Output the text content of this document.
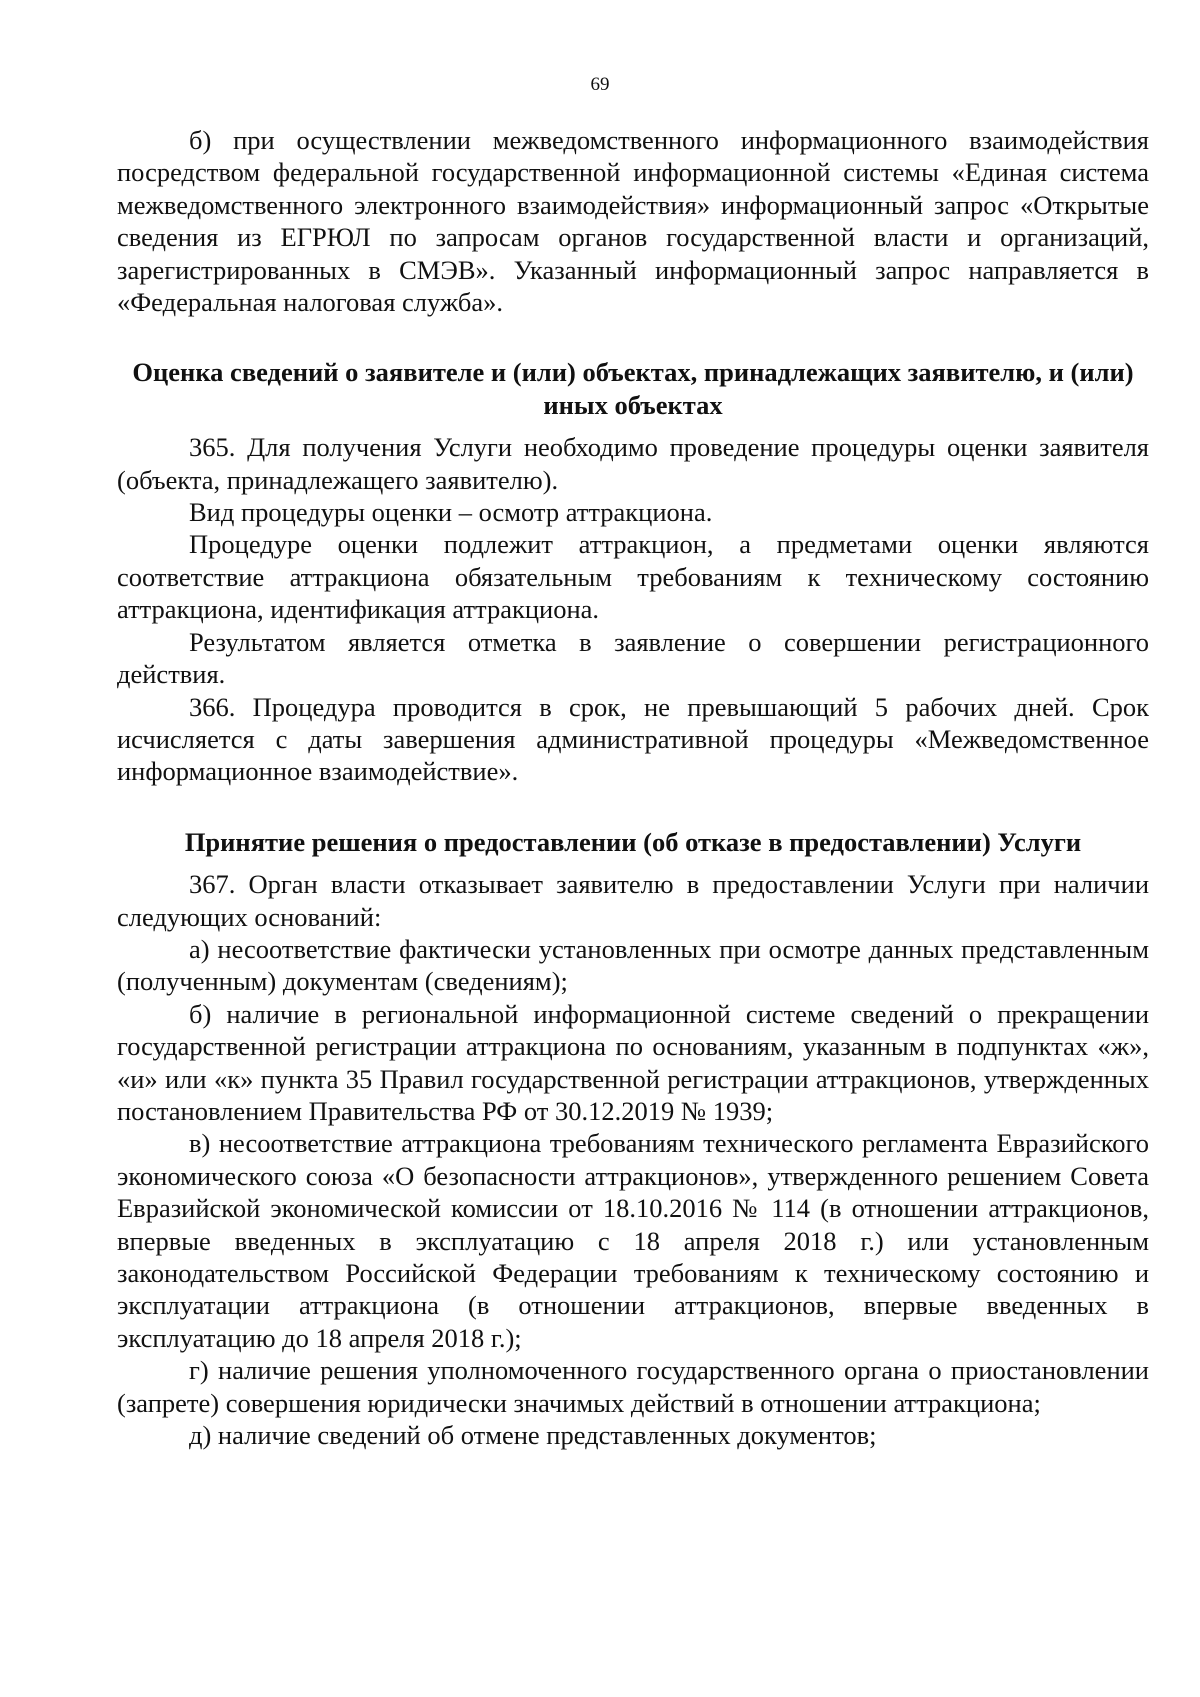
69

б) при осуществлении межведомственного информационного взаимодействия посредством федеральной государственной информационной системы «Единая система межведомственного электронного взаимодействия» информационный запрос «Открытые сведения из ЕГРЮЛ по запросам органов государственной власти и организаций, зарегистрированных в СМЭВ». Указанный информационный запрос направляется в «Федеральная налоговая служба».

Оценка сведений о заявителе и (или) объектах, принадлежащих заявителю, и (или) иных объектах

365. Для получения Услуги необходимо проведение процедуры оценки заявителя (объекта, принадлежащего заявителю).

Вид процедуры оценки – осмотр аттракциона.

Процедуре оценки подлежит аттракцион, а предметами оценки являются соответствие аттракциона обязательным требованиям к техническому состоянию аттракциона, идентификация аттракциона.

Результатом является отметка в заявление о совершении регистрационного действия.

366. Процедура проводится в срок, не превышающий 5 рабочих дней. Срок исчисляется с даты завершения административной процедуры «Межведомственное информационное взаимодействие».

Принятие решения о предоставлении (об отказе в предоставлении) Услуги

367. Орган власти отказывает заявителю в предоставлении Услуги при наличии следующих оснований:

а) несоответствие фактически установленных при осмотре данных представленным (полученным) документам (сведениям);

б) наличие в региональной информационной системе сведений о прекращении государственной регистрации аттракциона по основаниям, указанным в подпунктах «ж», «и» или «к» пункта 35 Правил государственной регистрации аттракционов, утвержденных постановлением Правительства РФ от 30.12.2019 № 1939;

в) несоответствие аттракциона требованиям технического регламента Евразийского экономического союза «О безопасности аттракционов», утвержденного решением Совета Евразийской экономической комиссии от 18.10.2016 № 114 (в отношении аттракционов, впервые введенных в эксплуатацию с 18 апреля 2018 г.) или установленным законодательством Российской Федерации требованиям к техническому состоянию и эксплуатации аттракциона (в отношении аттракционов, впервые введенных в эксплуатацию до 18 апреля 2018 г.);

г) наличие решения уполномоченного государственного органа о приостановлении (запрете) совершения юридически значимых действий в отношении аттракциона;

д) наличие сведений об отмене представленных документов;
